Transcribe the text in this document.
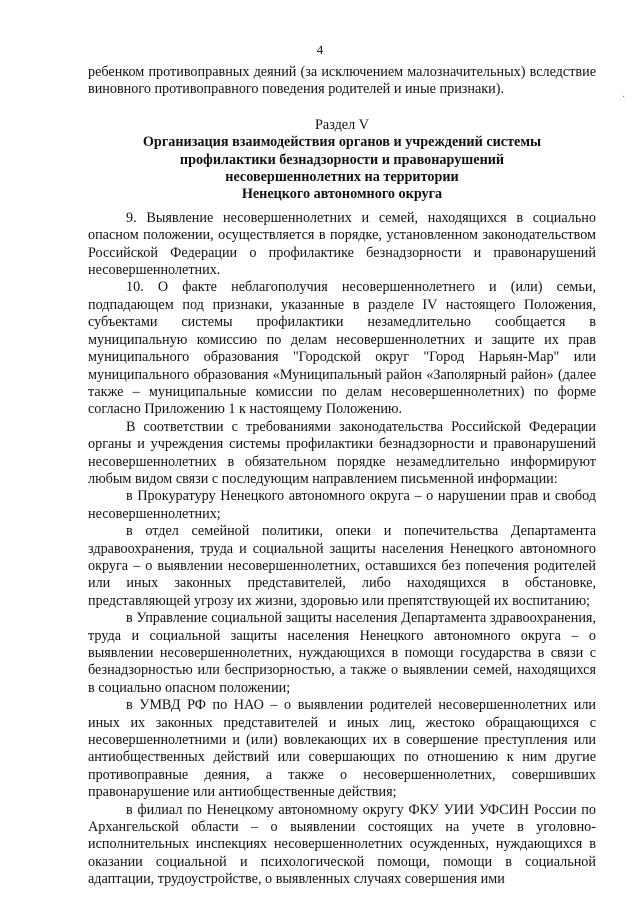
4
·

ребенком противоправных деяний (за исключением малозначительных) вследствие виновного противоправного поведения родителей и иные признаки).

Раздел V

Организация взаимодействия органов и учреждений системы
профилактики безнадзорности и правонарушений
несовершеннолетних на территории
Ненецкого автономного округа

9. Выявление несовершеннолетних и семей, находящихся в социально опасном положении, осуществляется в порядке, установленном законодательством Российской Федерации о профилактике безнадзорности и правонарушений несовершеннолетних.

10. О факте неблагополучия несовершеннолетнего и (или) семьи, подпадающем под признаки, указанные в разделе IV настоящего Положения, субъектами системы профилактики незамедлительно сообщается в муниципальную комиссию по делам несовершеннолетних и защите их прав муниципального образования "Городской округ "Город Нарьян-Мар" или муниципального образования «Муниципальный район «Заполярный район» (далее также – муниципальные комиссии по делам несовершеннолетних) по форме согласно Приложению 1 к настоящему Положению.

В соответствии с требованиями законодательства Российской Федерации органы и учреждения системы профилактики безнадзорности и правонарушений несовершеннолетних в обязательном порядке незамедлительно информируют любым видом связи с последующим направлением письменной информации:

в Прокуратуру Ненецкого автономного округа – о нарушении прав и свобод несовершеннолетних;

в отдел семейной политики, опеки и попечительства Департамента здравоохранения, труда и социальной защиты населения Ненецкого автономного округа – о выявлении несовершеннолетних, оставшихся без попечения родителей или иных законных представителей, либо находящихся в обстановке, представляющей угрозу их жизни, здоровью или препятствующей их воспитанию;

в Управление социальной защиты населения Департамента здравоохранения, труда и социальной защиты населения Ненецкого автономного округа – о выявлении несовершеннолетних, нуждающихся в помощи государства в связи с безнадзорностью или беспризорностью, а также о выявлении семей, находящихся в социально опасном положении;

в УМВД РФ по НАО – о выявлении родителей несовершеннолетних или иных их законных представителей и иных лиц, жестоко обращающихся с несовершеннолетними и (или) вовлекающих их в совершение преступления или антиобщественных действий или совершающих по отношению к ним другие противоправные деяния, а также о несовершеннолетних, совершивших правонарушение или антиобщественные действия;

в филиал по Ненецкому автономному округу ФКУ УИИ УФСИН России по Архангельской области – о выявлении состоящих на учете в уголовно-исполнительных инспекциях несовершеннолетних осужденных, нуждающихся в оказании социальной и психологической помощи, помощи в социальной адаптации, трудоустройстве, о выявленных случаях совершения ими
